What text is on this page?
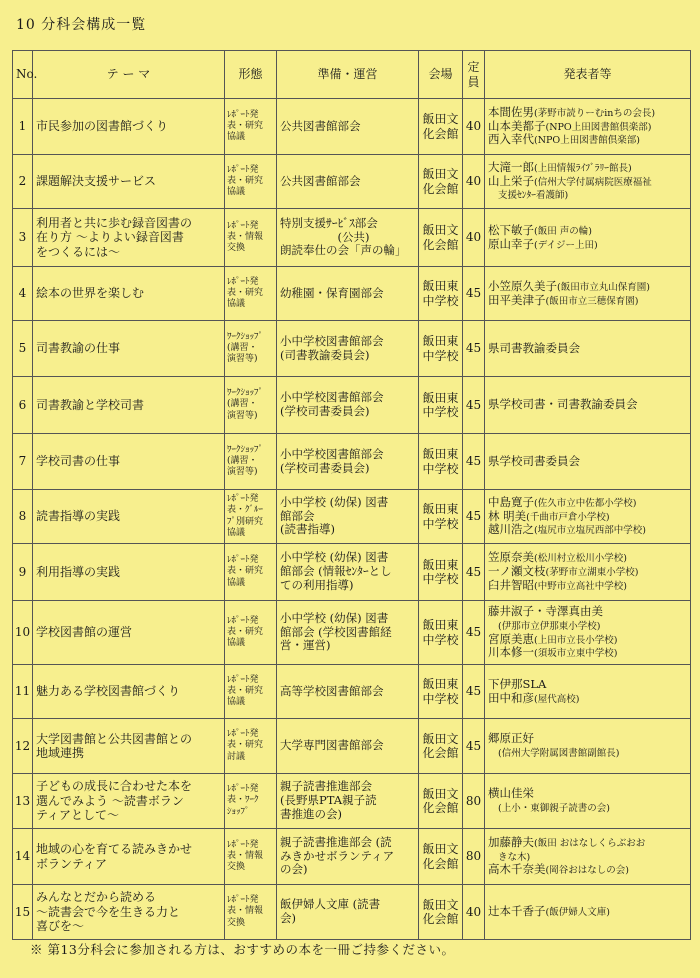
10 分科会構成一覧
No.	テ ー マ	形態	準備・運営	会場	定員	発表者等
1	市民参加の図書館づくり	ﾚﾎﾟｰﾄ発
表・研究
協議	公共図書館部会	飯田文
化会館	40	本間佐男(茅野市読りーむinちの会長)
山本美都子(NPO上田図書館倶楽部)
西入幸代(NPO上田図書館倶楽部)

2	課題解決支援サービス	ﾚﾎﾟｰﾄ発
表・研究
協議	公共図書館部会	飯田文
化会館	40	大滝一郎(上田情報ﾗｲﾌﾞﾗﾘｰ館長)
山上栄子(信州大学付属病院医療福祉
支援ｾﾝﾀｰ看護師)

3	利用者と共に歩む録音図書の
在り方 〜よりよい録音図書
をつくるには〜	ﾚﾎﾟｰﾄ発
表・情報
交換	特別支援ｻｰﾋﾞｽ部会
　　　　　(公共)
朗読奉仕の会「声の輪」	飯田文
化会館	40	松下敏子(飯田 声の輪)
原山幸子(デイジー上田)

4	絵本の世界を楽しむ	ﾚﾎﾟｰﾄ発
表・研究
協議	幼稚園・保育園部会	飯田東
中学校	45	小笠原久美子(飯田市立丸山保育園)
田平美津子(飯田市立三穂保育園)

5	司書教諭の仕事	ﾜｰｸｼｮｯﾌﾟ
(講習・
演習等)	小中学校図書館部会
(司書教諭委員会)	飯田東
中学校	45	県司書教諭委員会

6	司書教諭と学校司書	ﾜｰｸｼｮｯﾌﾟ
(講習・
演習等)	小中学校図書館部会
(学校司書委員会)	飯田東
中学校	45	県学校司書・司書教諭委員会

7	学校司書の仕事	ﾜｰｸｼｮｯﾌﾟ
(講習・
演習等)	小中学校図書館部会
(学校司書委員会)	飯田東
中学校	45	県学校司書委員会

8	読書指導の実践	ﾚﾎﾟｰﾄ発
表・ｸﾞﾙｰ
ﾌﾟ別研究
協議	小中学校 (幼保) 図書
館部会
(読書指導)	飯田東
中学校	45	中島寛子(佐久市立中佐都小学校)
林 明美(千曲市戸倉小学校)
越川浩之(塩尻市立塩尻西部中学校)

9	利用指導の実践	ﾚﾎﾟｰﾄ発
表・研究
協議	小中学校 (幼保) 図書
館部会 (情報ｾﾝﾀｰとし
ての利用指導)	飯田東
中学校	45	笠原奈美(松川村立松川小学校)
一ノ瀬文枝(茅野市立湖東小学校)
臼井智昭(中野市立高社中学校)

10	学校図書館の運営	ﾚﾎﾟｰﾄ発
表・研究
協議	小中学校 (幼保) 図書
館部会 (学校図書館経
営・運営)	飯田東
中学校	45	藤井淑子・寺澤真由美
(伊那市立伊那東小学校)
宮原美恵(上田市立長小学校)
川本修一(須坂市立東中学校)

11	魅力ある学校図書館づくり	ﾚﾎﾟｰﾄ発
表・研究
協議	高等学校図書館部会	飯田東
中学校	45	下伊那SLA
田中和彦(屋代高校)

12	大学図書館と公共図書館との
地域連携	ﾚﾎﾟｰﾄ発
表・研究
討議	大学専門図書館部会	飯田文
化会館	45	郷原正好
(信州大学附属図書館副館長)

13	子どもの成長に合わせた本を
選んでみよう 〜読書ボラン
ティアとして〜	ﾚﾎﾟｰﾄ発
表・ﾜｰｸ
ｼｮｯﾌﾟ	親子読書推進部会
(長野県PTA親子読
書推進の会)	飯田文
化会館	80	横山佳栄
(上小・東御親子読書の会)

14	地域の心を育てる読みきかせ
ボランティア	ﾚﾎﾟｰﾄ発
表・情報
交換	親子読書推進部会 (読
みきかせボランティア
の会)	飯田文
化会館	80	加藤静夫(飯田 おはなしくらぶおお
きな木)
高木千奈美(岡谷おはなしの会)

15	みんなとだから読める
〜読書会で今を生きる力と
喜びを〜	ﾚﾎﾟｰﾄ発
表・情報
交換	飯伊婦人文庫 (読書
会)	飯田文
化会館	40	辻本千香子(飯伊婦人文庫)
※ 第13分科会に参加される方は、おすすめの本を一冊ご持参ください。
